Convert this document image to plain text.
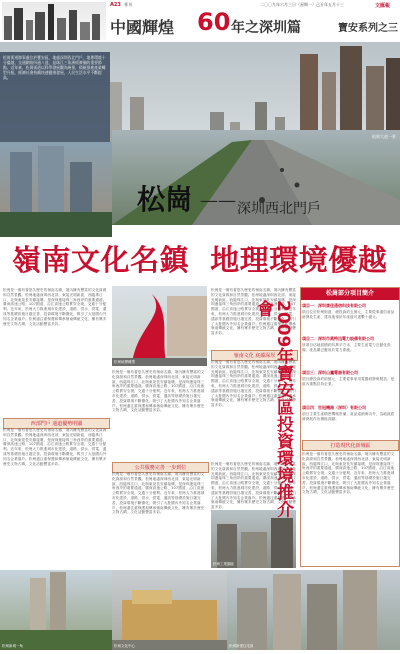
中國輝煌 60 年之深圳篇	寶安系列之三
A23 專刊	二〇〇九年六月三日（星期一）己丑年五月十三	文匯報
松崗街道辦事處位於寶安區，地處深圳西北門戶，地理環境十分優越，交通網絡四通八達，是珠江三角洲經濟圈的重要節點。近年來，松崗街道以科學發展觀為統領，積極推進產業轉型升級，經濟社會持續快速健康發展，人民生活水平不斷提高。
松崗大道一景
松崗 —— 深圳西北門戶
嶺南文化名鎮  地理環境優越
松崗是一個有著悠久歷史的嶺南名鎮，境內擁有豐富的文化資源和自然景觀。松崗地處深圳西北部，東接光明新區，西臨珠江口，北與東莞長安鎮接壤，是深圳連接珠三角西岸的重要通道。廣深高速公路、107國道、沿江高速公路貫穿全境，交通十分便利。近年來，松崗大力推進城市化建設，道路、供水、供電、通訊等基礎設施日趨完善，投資環境不斷優化，吸引了大批國內外知名企業落戶。松崗還注重保護和傳承嶺南傳統文化，擁有眾多歷史文物古蹟，文化活動豐富多彩。
西部門戶 通道優勢明顯
松崗是一個有著悠久歷史的嶺南名鎮，境內擁有豐富的文化資源和自然景觀。松崗地處深圳西北部，東接光明新區，西臨珠江口，北與東莞長安鎮接壤，是深圳連接珠三角西岸的重要通道。廣深高速公路、107國道、沿江高速公路貫穿全境，交通十分便利。近年來，松崗大力推進城市化建設，道路、供水、供電、通訊等基礎設施日趨完善，投資環境不斷優化，吸引了大批國內外知名企業落戶。松崗還注重保護和傳承嶺南傳統文化，擁有眾多歷史文物古蹟，文化活動豐富多彩。
松崗地標雕塑
松崗是一個有著悠久歷史的嶺南名鎮，境內擁有豐富的文化資源和自然景觀。松崗地處深圳西北部，東接光明新區，西臨珠江口，北與東莞長安鎮接壤，是深圳連接珠三角西岸的重要通道。廣深高速公路、107國道、沿江高速公路貫穿全境，交通十分便利。近年來，松崗大力推進城市化建設，道路、供水、供電、通訊等基礎設施日趨完善，投資環境不斷優化，吸引了大批國內外知名企業落戶。松崗還注重保護和傳承嶺南傳統文化，擁有眾多歷史文物古蹟，文化活動豐富多彩。
公共服務完善 一步到位
松崗是一個有著悠久歷史的嶺南名鎮，境內擁有豐富的文化資源和自然景觀。松崗地處深圳西北部，東接光明新區，西臨珠江口，北與東莞長安鎮接壤，是深圳連接珠三角西岸的重要通道。廣深高速公路、107國道、沿江高速公路貫穿全境，交通十分便利。近年來，松崗大力推進城市化建設，道路、供水、供電、通訊等基礎設施日趨完善，投資環境不斷優化，吸引了大批國內外知名企業落戶。松崗還注重保護和傳承嶺南傳統文化，擁有眾多歷史文物古蹟，文化活動豐富多彩。
松崗是一個有著悠久歷史的嶺南名鎮，境內擁有豐富的文化資源和自然景觀。松崗地處深圳西北部，東接光明新區，西臨珠江口，北與東莞長安鎮接壤，是深圳連接珠三角西岸的重要通道。廣深高速公路、107國道、沿江高速公路貫穿全境，交通十分便利。近年來，松崗大力推進城市化建設，道路、供水、供電、通訊等基礎設施日趨完善，投資環境不斷優化，吸引了大批國內外知名企業落戶。松崗還注重保護和傳承嶺南傳統文化，擁有眾多歷史文物古蹟，文化活動豐富多彩。
嶺南文化 底蘊深厚
松崗是一個有著悠久歷史的嶺南名鎮，境內擁有豐富的文化資源和自然景觀。松崗地處深圳西北部，東接光明新區，西臨珠江口，北與東莞長安鎮接壤，是深圳連接珠三角西岸的重要通道。廣深高速公路、107國道、沿江高速公路貫穿全境，交通十分便利。近年來，松崗大力推進城市化建設，道路、供水、供電、通訊等基礎設施日趨完善，投資環境不斷優化，吸引了大批國內外知名企業落戶。松崗還注重保護和傳承嶺南傳統文化，擁有眾多歷史文物古蹟，文化活動豐富多彩。
松崗是一個有著悠久歷史的嶺南名鎮，境內擁有豐富的文化資源和自然景觀。松崗地處深圳西北部，東接光明新區，西臨珠江口，北與東莞長安鎮接壤，是深圳連接珠三角西岸的重要通道。廣深高速公路、107國道、沿江高速公路貫穿全境，交通十分便利。近年來，松崗大力推進城市化建設，道路、供水、供電、通訊等基礎設施日趨完善，投資環境不斷優化，吸引了大批國內外知名企業落戶。松崗還注重保護和傳承嶺南傳統文化，擁有眾多歷史文物古蹟，文化活動豐富多彩。
松崗工業園區
松崗部分項目簡介
2009年寶安區投資環境推介會	項目一：深圳康佳通信科技有限公司
項目位於松崗街道，總投資約五億元，主要從事通信產品研發及生產，建成後預計年產值可達數十億元。
項目二：深圳市奧特迅電力設備有限公司
該項目佔地面積約四萬平方米，主要生產電力自動化設備，產品廣泛應用於電力系統。
項目三：深圳山鷹電器有限公司
項目總投資約兩億元，主要從事家用電器研發與製造，是區內重點扶持企業。
項目四：世冠機器（深圳）有限公司
項目主要生產精密機械設備，產品遠銷海內外，為地區經濟發展作出積極貢獻。
打造現代化新城區
松崗是一個有著悠久歷史的嶺南名鎮，境內擁有豐富的文化資源和自然景觀。松崗地處深圳西北部，東接光明新區，西臨珠江口，北與東莞長安鎮接壤，是深圳連接珠三角西岸的重要通道。廣深高速公路、107國道、沿江高速公路貫穿全境，交通十分便利。近年來，松崗大力推進城市化建設，道路、供水、供電、通訊等基礎設施日趨完善，投資環境不斷優化，吸引了大批國內外知名企業落戶。松崗還注重保護和傳承嶺南傳統文化，擁有眾多歷史文物古蹟，文化活動豐富多彩。
松崗新城一角	松崗文化中心	松崗新建住宅區
